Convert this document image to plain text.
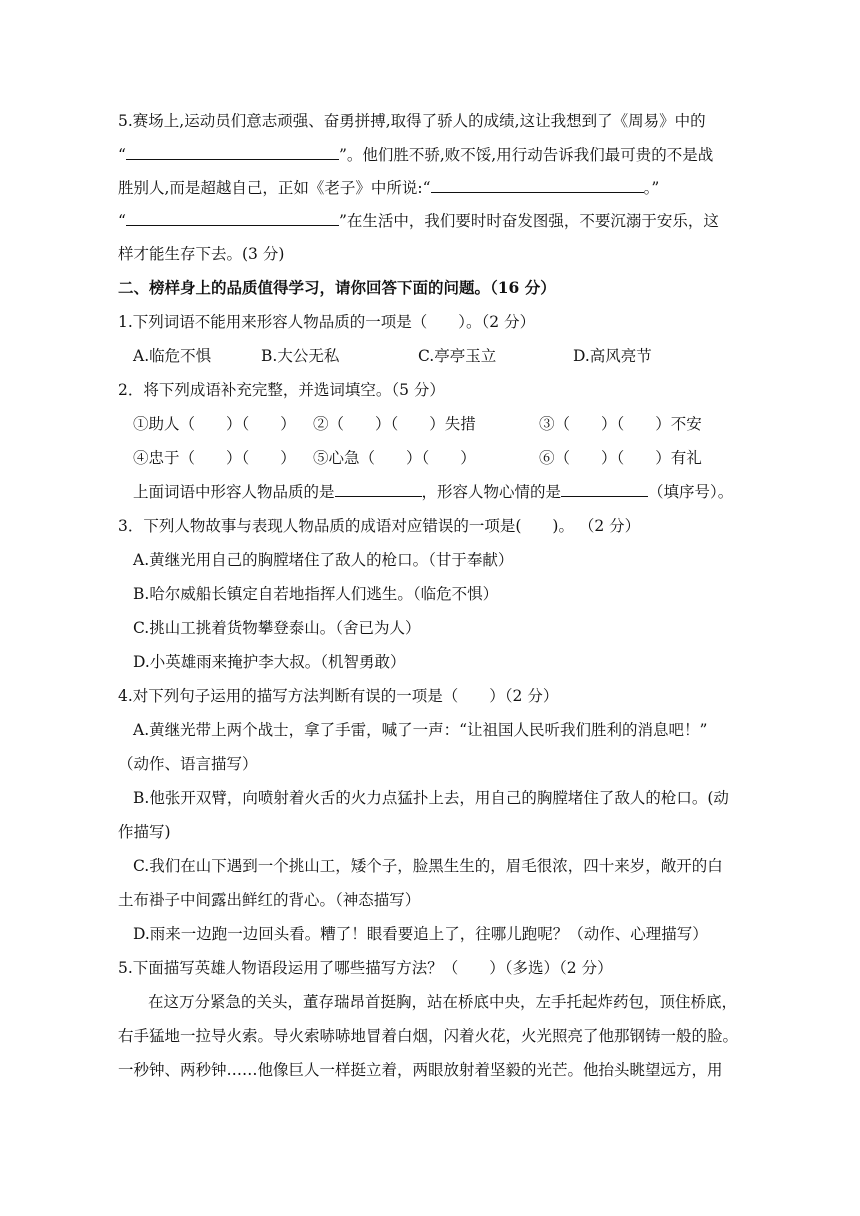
5.赛场上,运动员们意志顽强、奋勇拼搏,取得了骄人的成绩,这让我想到了《周易》中的
“	”。他们胜不骄,败不馁,用行动告诉我们最可贵的不是战
胜别人,而是超越自己，正如《老子》中所说:“	。”
“	”在生活中，我们要时时奋发图强，不要沉溺于安乐，这
样才能生存下去。(3 分)
二、榜样身上的品质值得学习，请你回答下面的问题。（16 分）
1.下列词语不能用来形容人物品质的一项是（　　）。（2 分）
A.临危不惧	B.大公无私	C.亭亭玉立	D.高风亮节
2．将下列成语补充完整，并选词填空。（5 分）
①助人（　　）（　　） ②（　　）（　　）失措	③（　　）（　　）不安
④忠于（　　）（　　） ⑤心急（　　）（　　）	⑥（　　）（　　）有礼
上面词语中形容人物品质的是	，形容人物心情的是	（填序号）。
3．下列人物故事与表现人物品质的成语对应错误的一项是(　　)。 （2 分）
A.黄继光用自己的胸膛堵住了敌人的枪口。（甘于奉献）
B.哈尔威船长镇定自若地指挥人们逃生。（临危不惧）
C.挑山工挑着货物攀登泰山。（舍已为人）
D.小英雄雨来掩护李大叔。（机智勇敢）
4.对下列句子运用的描写方法判断有误的一项是（　　）（2 分）
A.黄继光带上两个战士，拿了手雷，喊了一声：“让祖国人民听我们胜利的消息吧！”
（动作、语言描写）
B.他张开双臂，向喷射着火舌的火力点猛扑上去，用自己的胸膛堵住了敌人的枪口。(动
作描写)
C.我们在山下遇到一个挑山工，矮个子，脸黑生生的，眉毛很浓，四十来岁，敞开的白
土布褂子中间露出鲜红的背心。（神态描写）
D.雨来一边跑一边回头看。糟了！眼看要追上了，往哪儿跑呢？（动作、心理描写）
5.下面描写英雄人物语段运用了哪些描写方法？（　　）（多选）（2 分）
在这万分紧急的关头，董存瑞昂首挺胸，站在桥底中央，左手托起炸药包，顶住桥底，
右手猛地一拉导火索。导火索哧哧地冒着白烟，闪着火花，火光照亮了他那钢铸一般的脸。
一秒钟、两秒钟……他像巨人一样挺立着，两眼放射着坚毅的光芒。他抬头眺望远方，用
